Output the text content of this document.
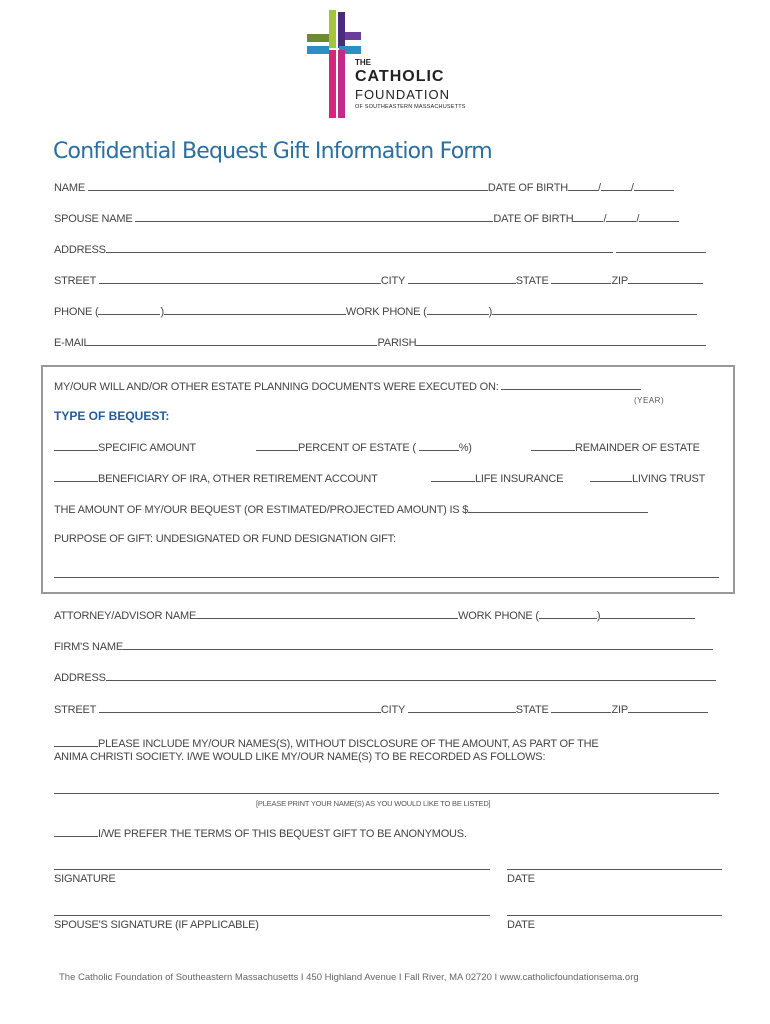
THE
CATHOLIC
FOUNDATION
OF SOUTHEASTERN MASSACHUSETTS
Confidential Bequest Gift Information Form
NAME	DATE OF BIRTH	/	/
SPOUSE NAME	DATE OF BIRTH	/	/
ADDRESS
STREET	CITY	STATE	ZIP
PHONE (	)	WORK PHONE (	)
E-MAIL	PARISH
MY/OUR WILL AND/OR OTHER ESTATE PLANNING DOCUMENTS WERE EXECUTED ON:
(YEAR)
TYPE OF BEQUEST:
SPECIFIC AMOUNT	PERCENT OF ESTATE (	%)	REMAINDER OF ESTATE
BENEFICIARY OF IRA, OTHER RETIREMENT ACCOUNT	LIFE INSURANCE	LIVING TRUST
THE AMOUNT OF MY/OUR BEQUEST (OR ESTIMATED/PROJECTED AMOUNT) IS $
PURPOSE OF GIFT: UNDESIGNATED OR FUND DESIGNATION GIFT:
ATTORNEY/ADVISOR NAME	WORK PHONE (	)
FIRM'S NAME
ADDRESS
STREET	CITY	STATE	ZIP
PLEASE INCLUDE MY/OUR NAMES(S), WITHOUT DISCLOSURE OF THE AMOUNT, AS PART OF THE
ANIMA CHRISTI SOCIETY. I/WE WOULD LIKE MY/OUR NAME(S) TO BE RECORDED AS FOLLOWS:
[PLEASE PRINT YOUR NAME(S) AS YOU WOULD LIKE TO BE LISTED]
I/WE PREFER THE TERMS OF THIS BEQUEST GIFT TO BE ANONYMOUS.
SIGNATURE	DATE
SPOUSE'S SIGNATURE (IF APPLICABLE)	DATE
The Catholic Foundation of Southeastern Massachusetts I 450 Highland Avenue I Fall River, MA 02720 I www.catholicfoundationsema.org
